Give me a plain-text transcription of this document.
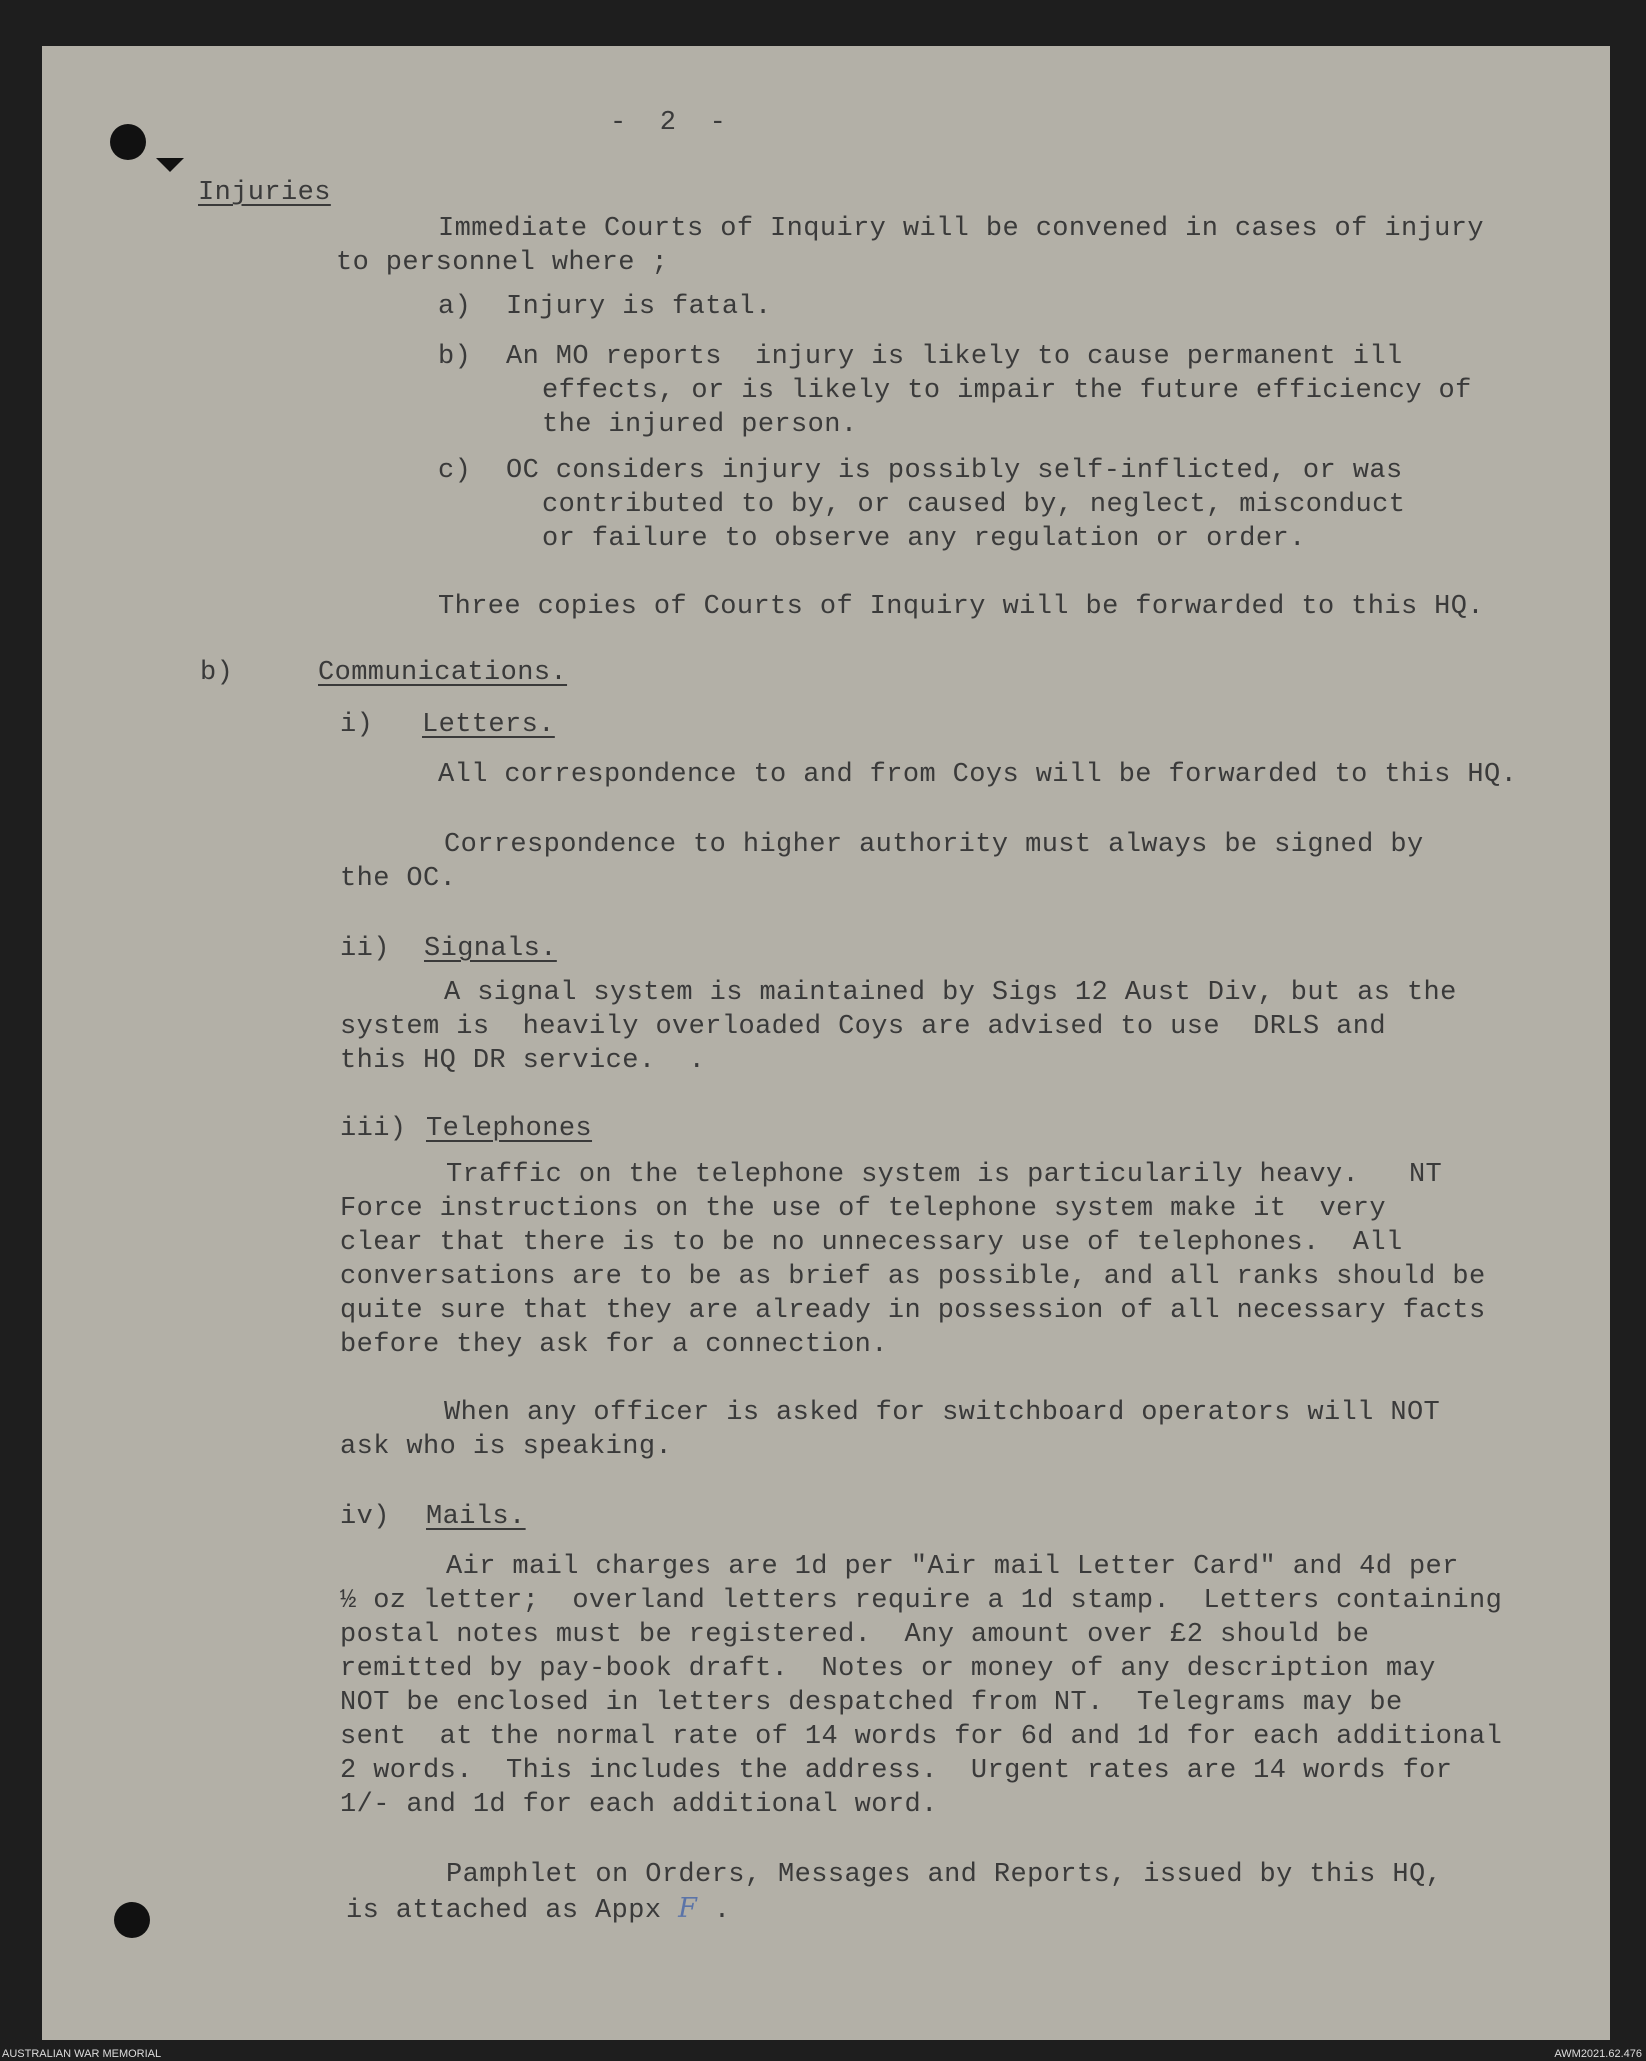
-  2  -

Injuries

Immediate Courts of Inquiry will be convened in cases of injury

to personnel where ;

a) Injury is fatal.

b) An MO reports  injury is likely to cause permanent ill

effects, or is likely to impair the future efficiency of

the injured person.

c) OC considers injury is possibly self-inflicted, or was

contributed to by, or caused by, neglect, misconduct

or failure to observe any regulation or order.

Three copies of Courts of Inquiry will be forwarded to this HQ.

b)	Communications.

i) Letters.

All correspondence to and from Coys will be forwarded to this HQ.

Correspondence to higher authority must always be signed by

the OC.

ii) Signals.

A signal system is maintained by Sigs 12 Aust Div, but as the

system is  heavily overloaded Coys are advised to use  DRLS and

this HQ DR service.  .

iii) Telephones

Traffic on the telephone system is particularily heavy.   NT

Force instructions on the use of telephone system make it  very

clear that there is to be no unnecessary use of telephones.  All

conversations are to be as brief as possible, and all ranks should be

quite sure that they are already in possession of all necessary facts

before they ask for a connection.

When any officer is asked for switchboard operators will NOT

ask who is speaking.

iv) Mails.

Air mail charges are 1d per "Air mail Letter Card" and 4d per

½ oz letter;  overland letters require a 1d stamp.  Letters containing

postal notes must be registered.  Any amount over £2 should be

remitted by pay-book draft.  Notes or money of any description may

NOT be enclosed in letters despatched from NT.  Telegrams may be

sent  at the normal rate of 14 words for 6d and 1d for each additional

2 words.  This includes the address.  Urgent rates are 14 words for

1/- and 1d for each additional word.

Pamphlet on Orders, Messages and Reports, issued by this HQ,

is attached as Appx F .

AUSTRALIAN WAR MEMORIAL	AWM2021.62.476
